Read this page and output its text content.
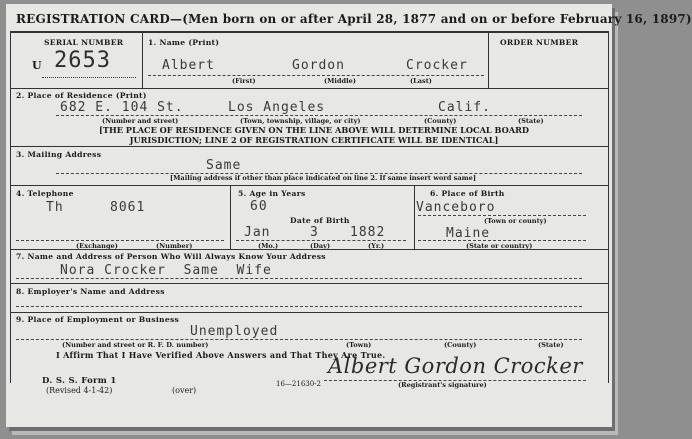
REGISTRATION CARD—(Men born on or after April 28, 1877 and on or before February 16, 1897)
SERIAL NUMBER
U 2653
1. Name (Print)
Albert	Gordon	Crocker
(First)	(Middle)	(Last)
ORDER NUMBER
2. Place of Residence (Print)
682 E. 104 St.	Los Angeles	Calif.
(Number and street)	(Town, township, village, or city)	(County)	(State)
[THE PLACE OF RESIDENCE GIVEN ON THE LINE ABOVE WILL DETERMINE LOCAL BOARD
JURISDICTION; LINE 2 OF REGISTRATION CERTIFICATE WILL BE IDENTICAL]
3. Mailing Address
Same
[Mailing address if other than place indicated on line 2. If same insert word same]
4. Telephone
Th	8061
(Exchange)	(Number)
5. Age in Years
60
Date of Birth
Jan	3 1882
(Mo.)	(Day)	(Yr.)
6. Place of Birth
Vanceboro
(Town or county)
Maine
(State or country)
7. Name and Address of Person Who Will Always Know Your Address
Nora Crocker  Same  Wife
8. Employer's Name and Address
9. Place of Employment or Business
Unemployed
(Number and street or R. F. D. number)	(Town)	(County)	(State)
I Affirm That I Have Verified Above Answers and That They Are True.
Albert Gordon Crocker
(Registrant's signature)
D. S. S. Form 1
(Revised 4-1-42)	(over)
16—21630-2
